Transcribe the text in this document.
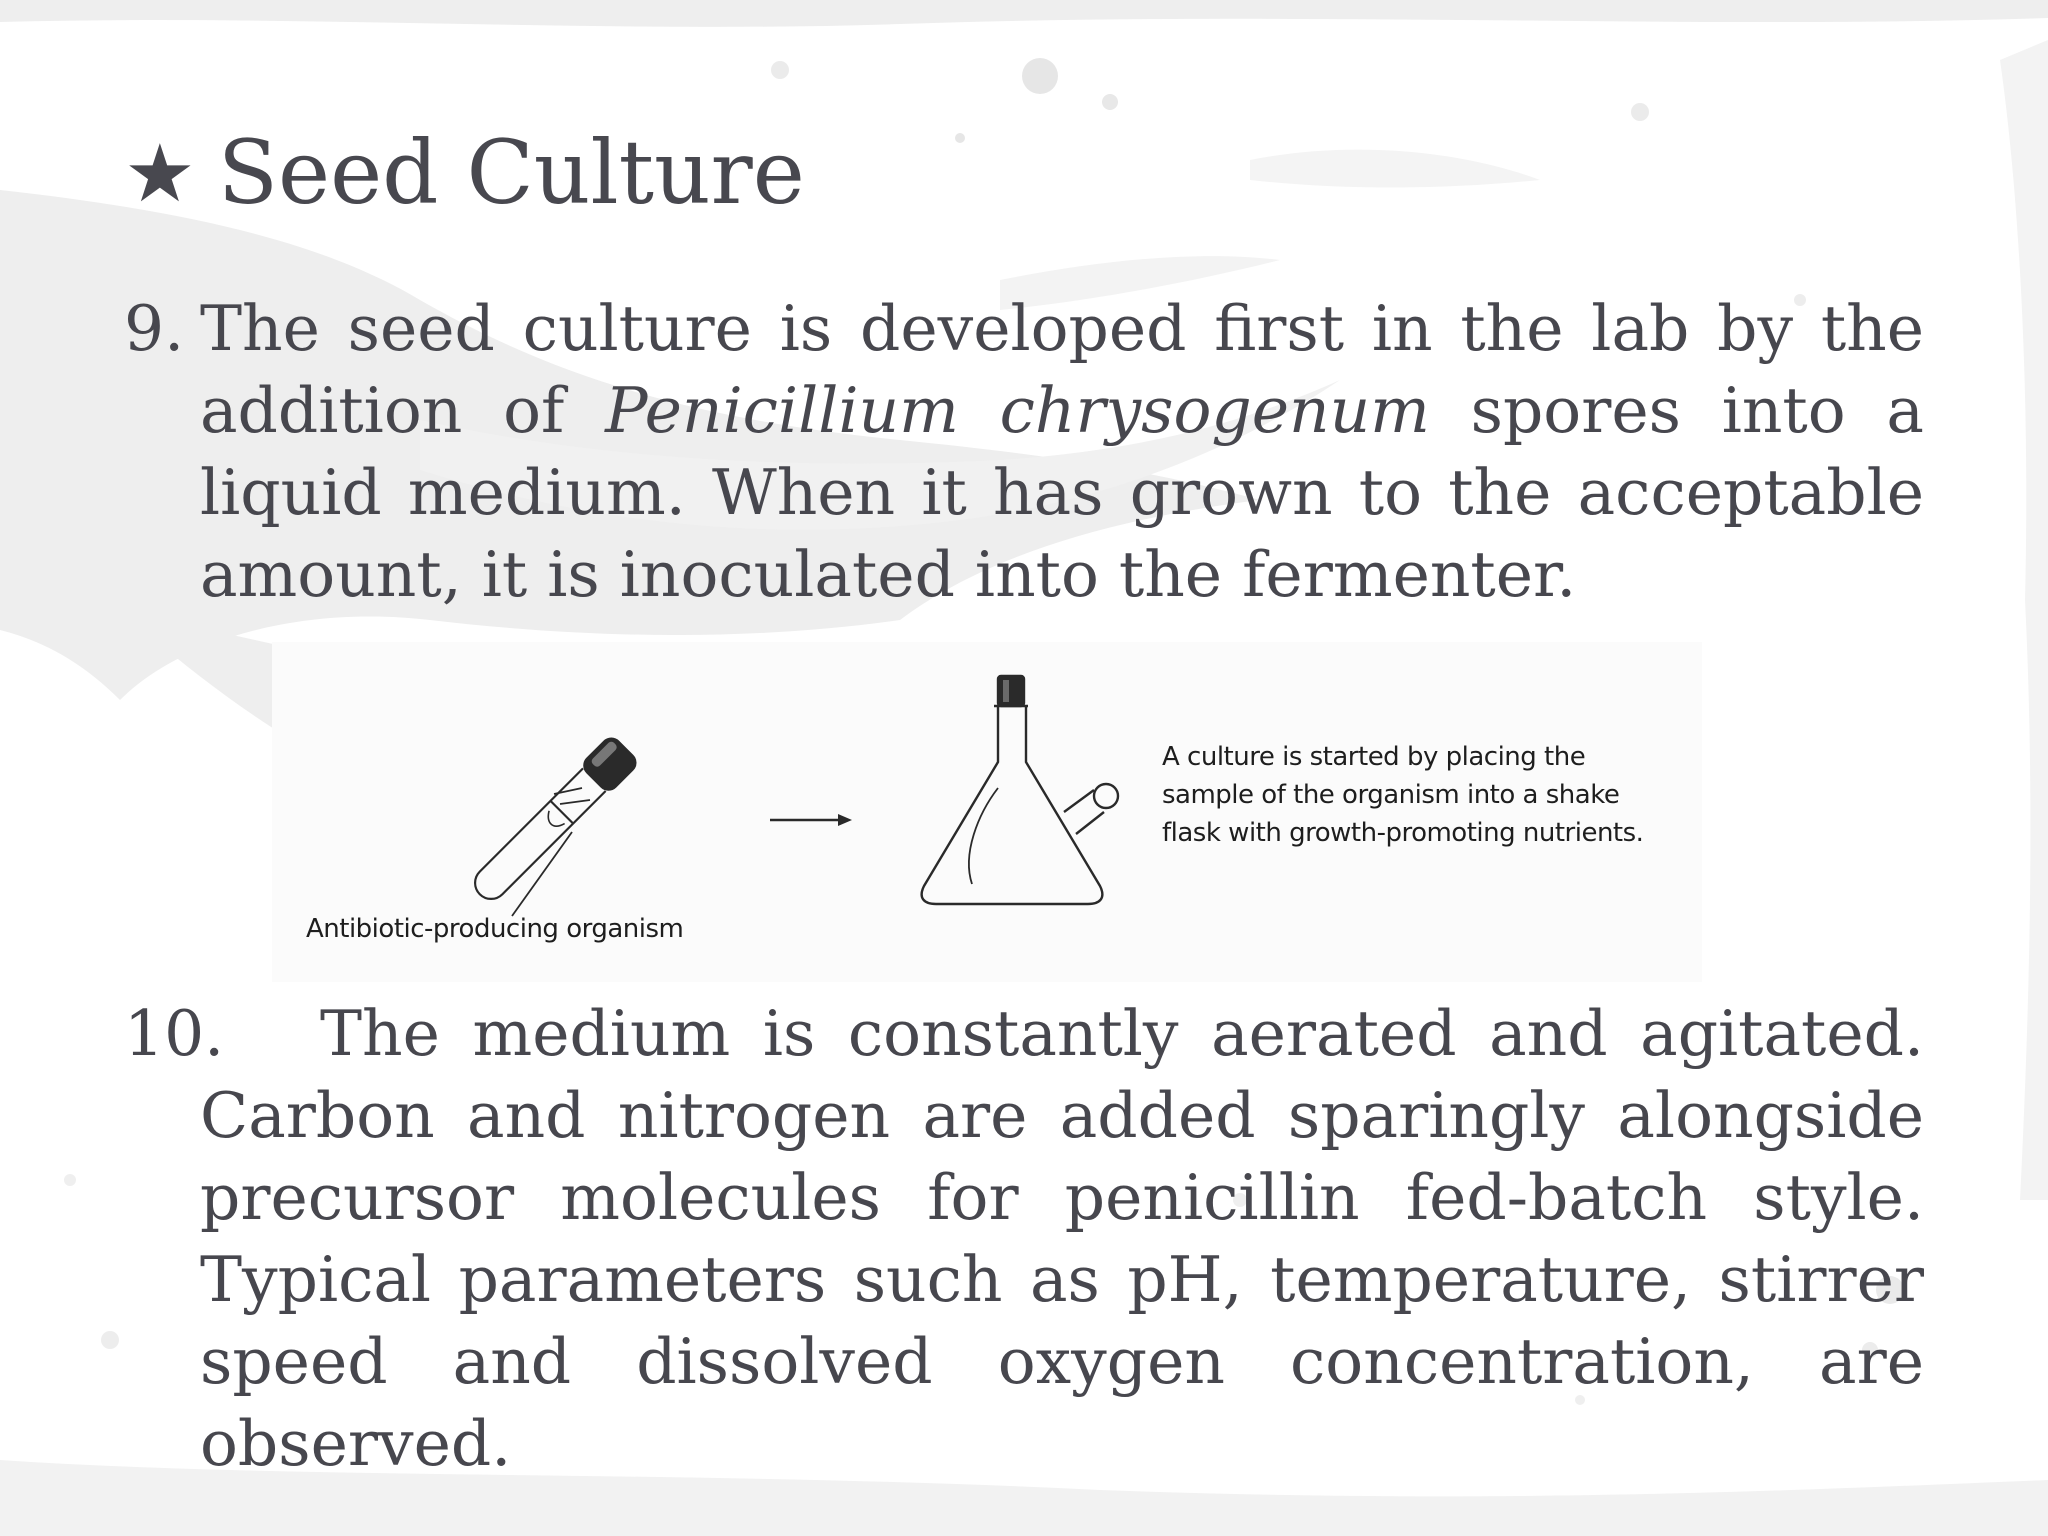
★ Seed Culture
9. The seed culture is developed first in the lab by the addition of Penicillium chrysogenum spores into a liquid medium. When it has grown to the acceptable amount, it is inoculated into the fermenter.
A culture is started by placing the
sample of the organism into a shake
flask with growth-promoting nutrients.
Antibiotic-producing organism
10.	The medium is constantly aerated and agitated. Carbon and nitrogen are added sparingly alongside precursor molecules for penicillin fed-batch style. Typical parameters such as pH, temperature, stirrer speed and dissolved oxygen concentration, are observed.
